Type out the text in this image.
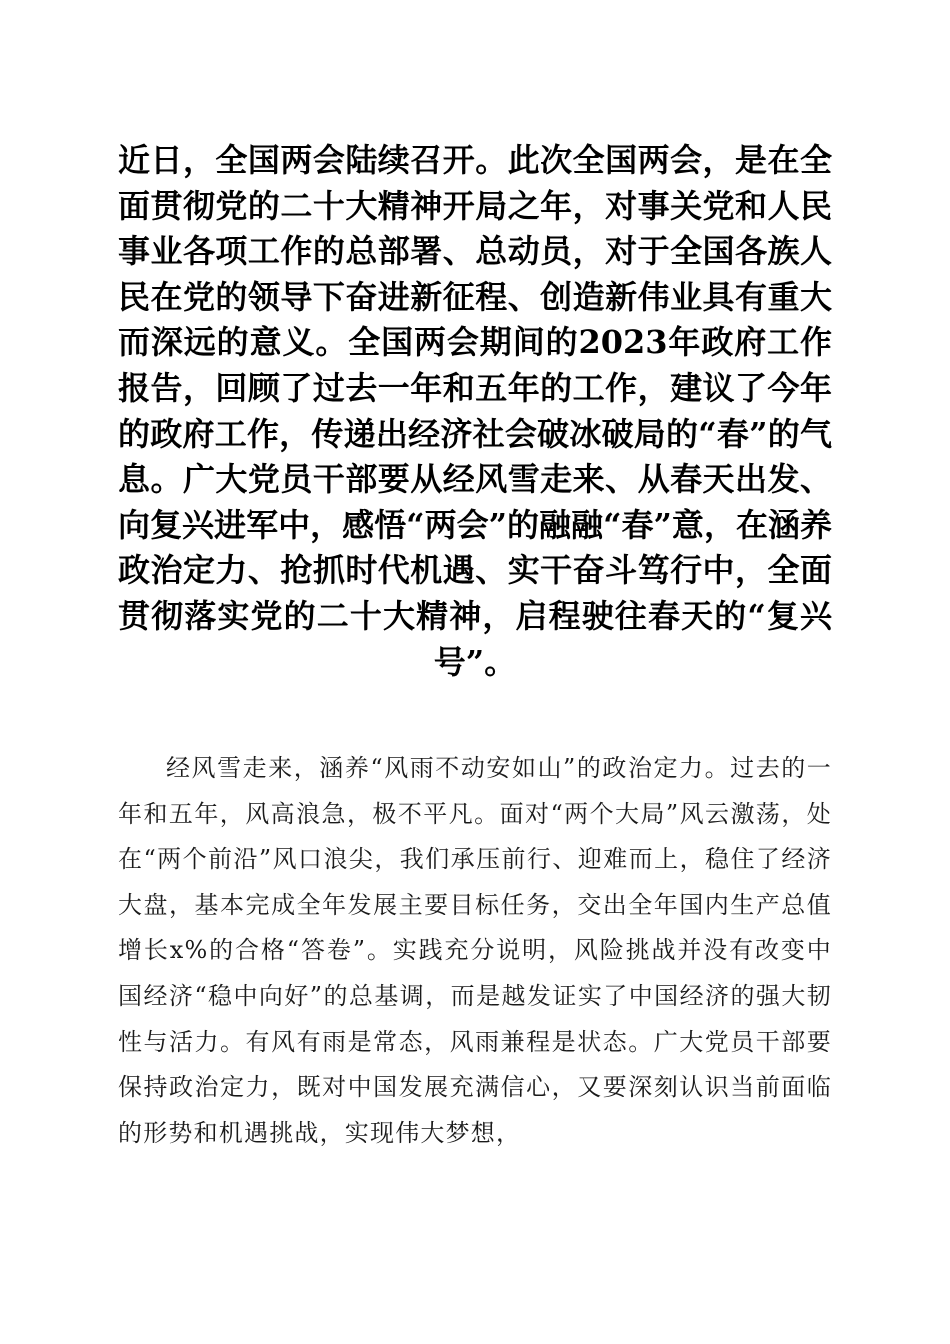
近日，全国两会陆续召开。此次全国两会，是在全面贯彻党的二十大精神开局之年，对事关党和人民事业各项工作的总部署、总动员，对于全国各族人民在党的领导下奋进新征程、创造新伟业具有重大而深远的意义。全国两会期间的2023年政府工作报告，回顾了过去一年和五年的工作，建议了今年的政府工作，传递出经济社会破冰破局的“春”的气息。广大党员干部要从经风雪走来、从春天出发、向复兴进军中，感悟“两会”的融融“春”意，在涵养政治定力、抢抓时代机遇、实干奋斗笃行中，全面贯彻落实党的二十大精神，启程驶往春天的“复兴号”。

经风雪走来，涵养“风雨不动安如山”的政治定力。过去的一年和五年，风高浪急，极不平凡。面对“两个大局”风云激荡，处在“两个前沿”风口浪尖，我们承压前行、迎难而上，稳住了经济大盘，基本完成全年发展主要目标任务，交出全年国内生产总值增长x%的合格“答卷”。实践充分说明，风险挑战并没有改变中国经济“稳中向好”的总基调，而是越发证实了中国经济的强大韧性与活力。有风有雨是常态，风雨兼程是状态。广大党员干部要保持政治定力，既对中国发展充满信心，又要深刻认识当前面临的形势和机遇挑战，实现伟大梦想，
